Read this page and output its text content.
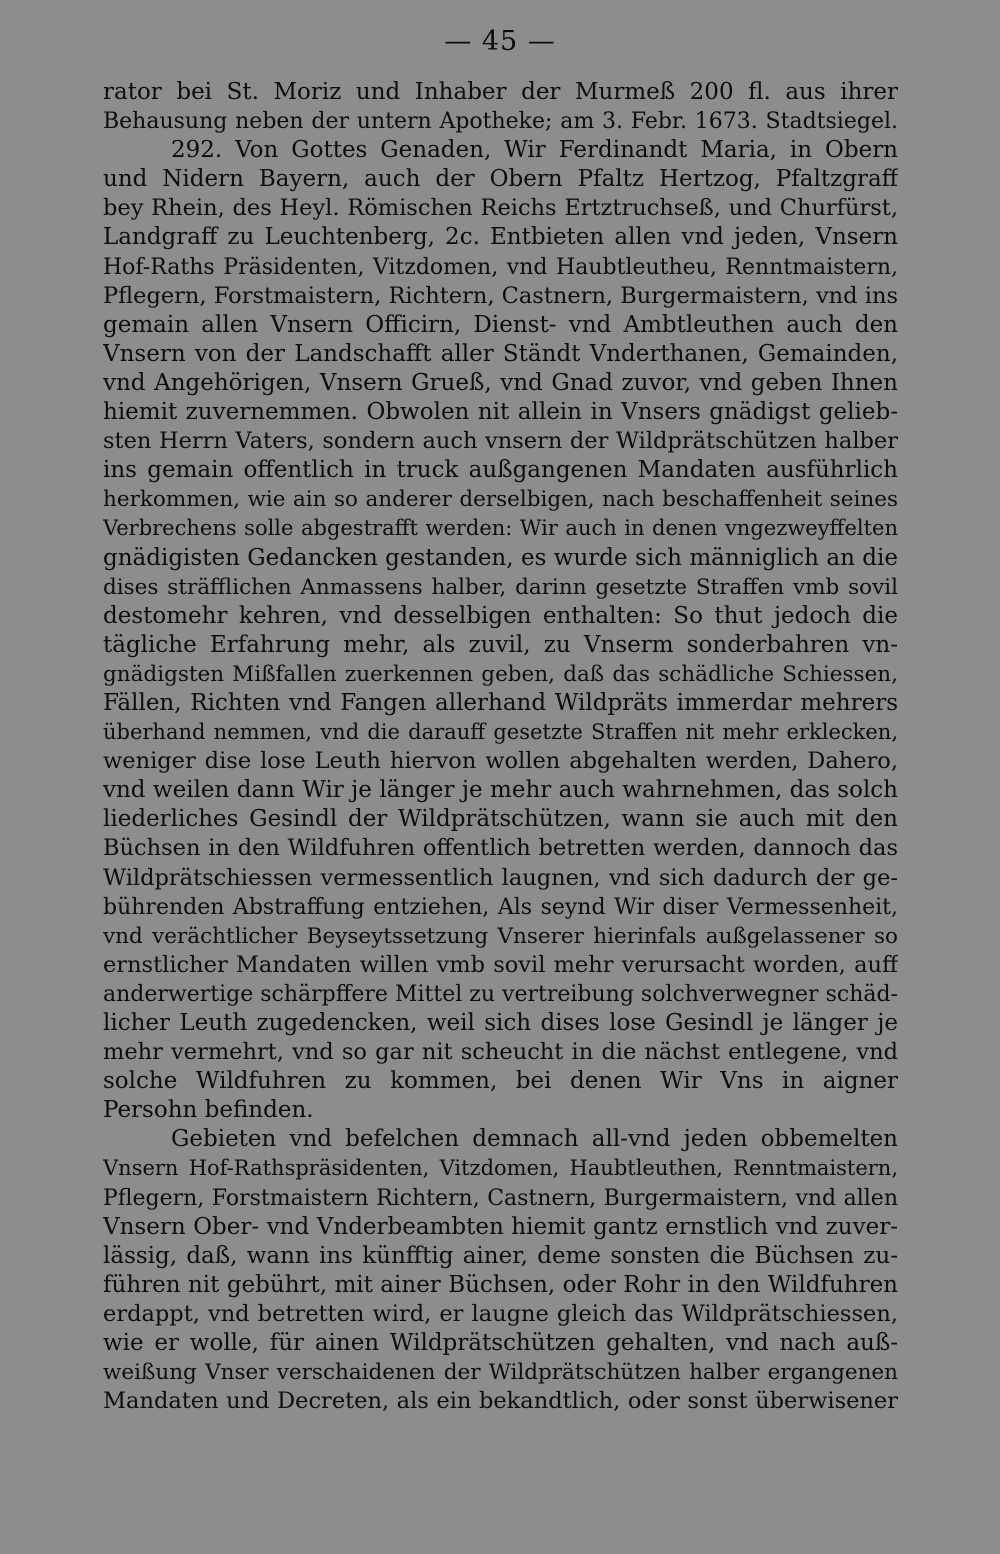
— 45 —
rator bei St. Moriz und Inhaber der Murmeß 200 fl. aus ihrer
Behausung neben der untern Apotheke; am 3. Febr. 1673. Stadtsiegel.
292. Von Gottes Genaden, Wir Ferdinandt Maria, in Obern
und Nidern Bayern, auch der Obern Pfaltz Hertzog, Pfaltzgraff
bey Rhein, des Heyl. Römischen Reichs Ertztruchseß, und Churfürst,
Landgraff zu Leuchtenberg, 2c. Entbieten allen vnd jeden, Vnsern
Hof-Raths Präsidenten, Vitzdomen, vnd Haubtleutheu, Renntmaistern,
Pflegern, Forstmaistern, Richtern, Castnern, Burgermaistern, vnd ins
gemain allen Vnsern Officirn, Dienst- vnd Ambtleuthen auch den
Vnsern von der Landschafft aller Ständt Vnderthanen, Gemainden,
vnd Angehörigen, Vnsern Grueß, vnd Gnad zuvor, vnd geben Ihnen
hiemit zuvernemmen. Obwolen nit allein in Vnsers gnädigst gelieb-
sten Herrn Vaters, sondern auch vnsern der Wildprätschützen halber
ins gemain offentlich in truck außgangenen Mandaten ausführlich
herkommen, wie ain so anderer derselbigen, nach beschaffenheit seines
Verbrechens solle abgestrafft werden: Wir auch in denen vngezweyffelten
gnädigisten Gedancken gestanden, es wurde sich männiglich an die
dises sträfflichen Anmassens halber, darinn gesetzte Straffen vmb sovil
destomehr kehren, vnd desselbigen enthalten: So thut jedoch die
tägliche Erfahrung mehr, als zuvil, zu Vnserm sonderbahren vn-
gnädigsten Mißfallen zuerkennen geben, daß das schädliche Schiessen,
Fällen, Richten vnd Fangen allerhand Wildpräts immerdar mehrers
überhand nemmen, vnd die darauff gesetzte Straffen nit mehr erklecken,
weniger dise lose Leuth hiervon wollen abgehalten werden, Dahero,
vnd weilen dann Wir je länger je mehr auch wahrnehmen, das solch
liederliches Gesindl der Wildprätschützen, wann sie auch mit den
Büchsen in den Wildfuhren offentlich betretten werden, dannoch das
Wildprätschiessen vermessentlich laugnen, vnd sich dadurch der ge-
bührenden Abstraffung entziehen, Als seynd Wir diser Vermessenheit,
vnd verächtlicher Beyseytssetzung Vnserer hierinfals außgelassener so
ernstlicher Mandaten willen vmb sovil mehr verursacht worden, auff
anderwertige schärpffere Mittel zu vertreibung solchverwegner schäd-
licher Leuth zugedencken, weil sich dises lose Gesindl je länger je
mehr vermehrt, vnd so gar nit scheucht in die nächst entlegene, vnd
solche Wildfuhren zu kommen, bei denen Wir Vns in aigner
Persohn befinden.
Gebieten vnd befelchen demnach all-vnd jeden obbemelten
Vnsern Hof-Rathspräsidenten, Vitzdomen, Haubtleuthen, Renntmaistern,
Pflegern, Forstmaistern Richtern, Castnern, Burgermaistern, vnd allen
Vnsern Ober- vnd Vnderbeambten hiemit gantz ernstlich vnd zuver-
lässig, daß, wann ins künfftig ainer, deme sonsten die Büchsen zu-
führen nit gebührt, mit ainer Büchsen, oder Rohr in den Wildfuhren
erdappt, vnd betretten wird, er laugne gleich das Wildprätschiessen,
wie er wolle, für ainen Wildprätschützen gehalten, vnd nach auß-
weißung Vnser verschaidenen der Wildprätschützen halber ergangenen
Mandaten und Decreten, als ein bekandtlich, oder sonst überwisener
